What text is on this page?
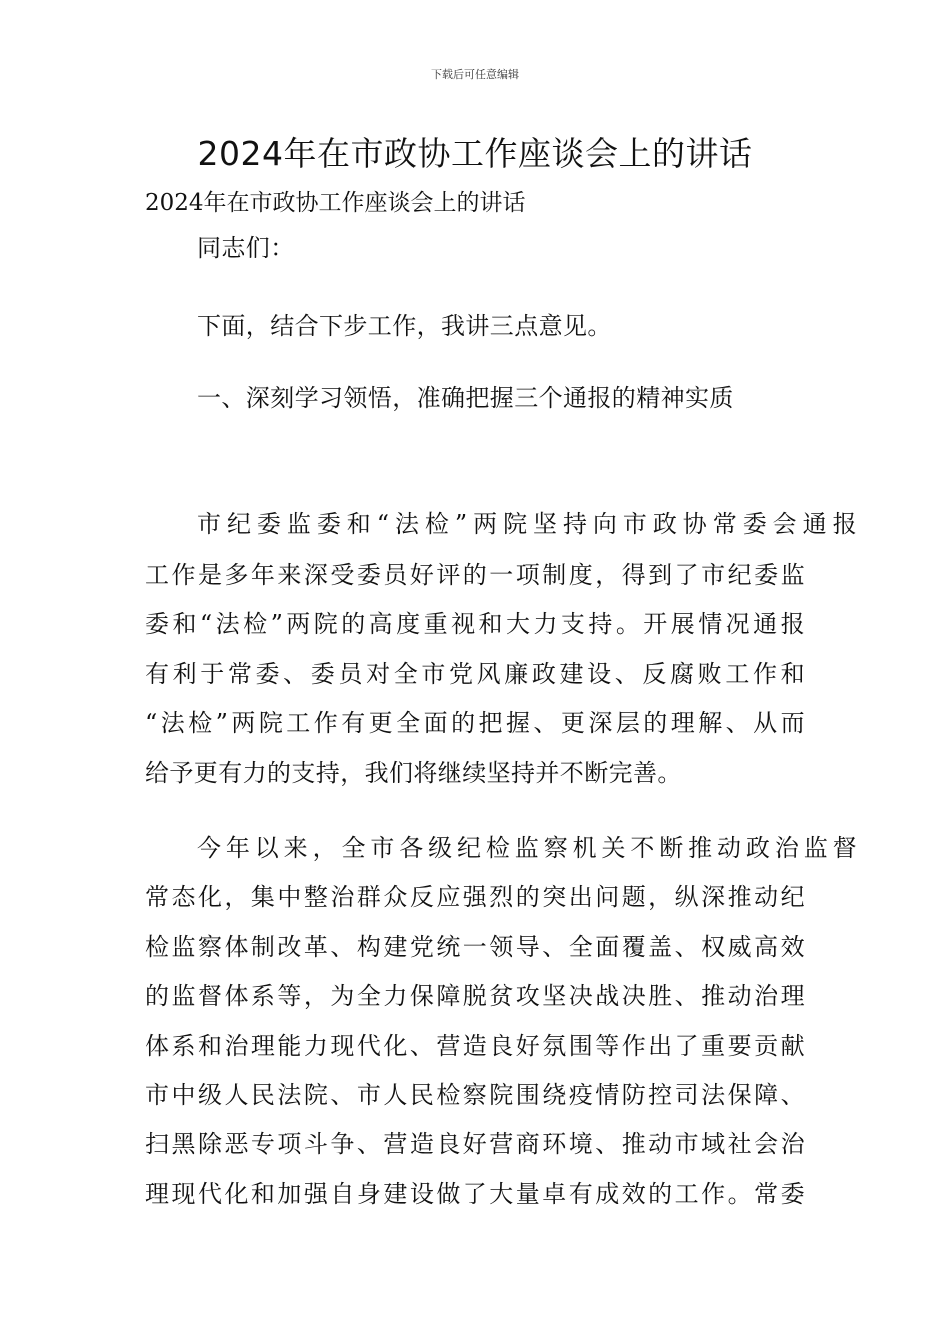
下载后可任意编辑
2024年在市政协工作座谈会上的讲话

2024年在市政协工作座谈会上的讲话

同志们：

下面，结合下步工作，我讲三点意见。

一、深刻学习领悟，准确把握三个通报的精神实质

市纪委监委和“法检”两院坚持向市政协常委会通报

工作是多年来深受委员好评的一项制度，得到了市纪委监

委和“法检”两院的高度重视和大力支持。开展情况通报

有利于常委、委员对全市党风廉政建设、反腐败工作和

“法检”两院工作有更全面的把握、更深层的理解、从而

给予更有力的支持，我们将继续坚持并不断完善。

今年以来，全市各级纪检监察机关不断推动政治监督

常态化，集中整治群众反应强烈的突出问题，纵深推动纪

检监察体制改革、构建党统一领导、全面覆盖、权威高效

的监督体系等，为全力保障脱贫攻坚决战决胜、推动治理

体系和治理能力现代化、营造良好氛围等作出了重要贡献

市中级人民法院、市人民检察院围绕疫情防控司法保障、

扫黑除恶专项斗争、营造良好营商环境、推动市域社会治

理现代化和加强自身建设做了大量卓有成效的工作。常委
